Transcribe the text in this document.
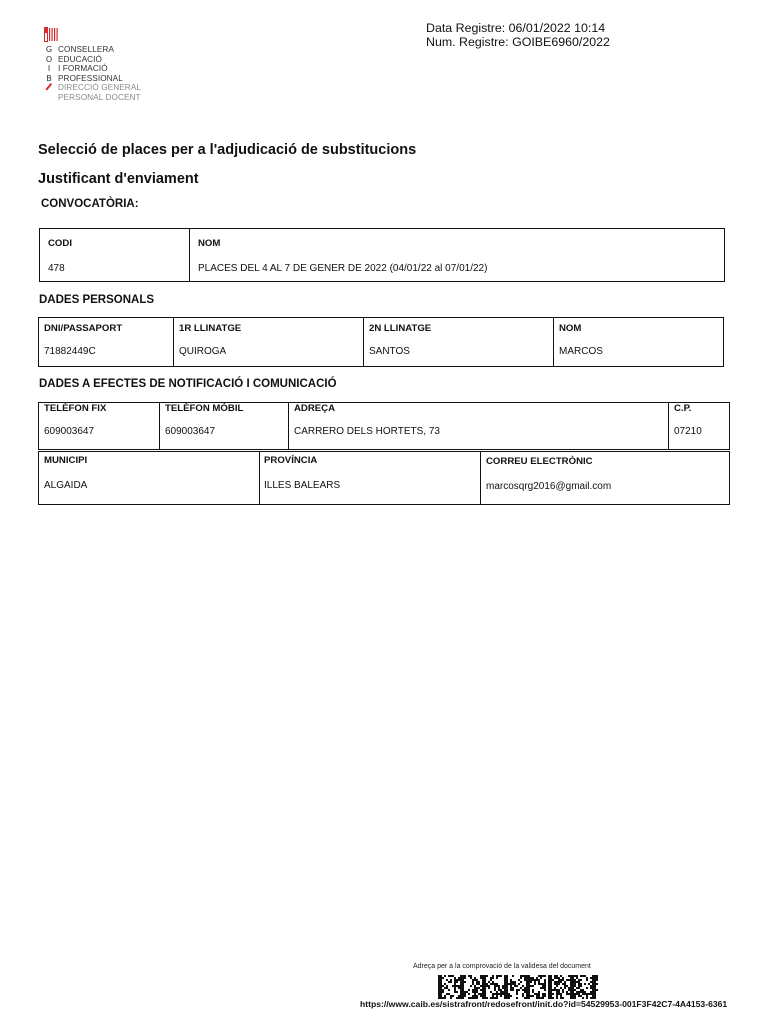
G
O
I
B
CONSELLERA
EDUCACIÓ
I FORMACIÓ
PROFESSIONAL
DIRECCIÓ GENERAL
PERSONAL DOCENT
Data Registre: 06/01/2022 10:14
Num. Registre: GOIBE6960/2022
Selecció de places per a l'adjudicació de substitucions
Justificant d'enviament
CONVOCATÒRIA:
CODI
478
NOM
PLACES DEL 4 AL 7 DE GENER DE 2022 (04/01/22 al 07/01/22)
DADES PERSONALS
DNI/PASSAPORT
71882449C
1R LLINATGE
QUIROGA
2N LLINATGE
SANTOS
NOM
MARCOS
DADES A EFECTES DE NOTIFICACIÓ I COMUNICACIÓ
TELÈFON FIX
609003647
TELÈFON MÒBIL
609003647
ADREÇA
CARRERO DELS HORTETS, 73
C.P.
07210
MUNICIPI
ALGAIDA
PROVÍNCIA
ILLES BALEARS
CORREU ELECTRÒNIC
marcosqrg2016@gmail.com
Adreça per a la comprovació de la validesa del document
https://www.caib.es/sistrafront/redosefront/init.do?id=54529953-001F3F42C7-4A4153-6361
